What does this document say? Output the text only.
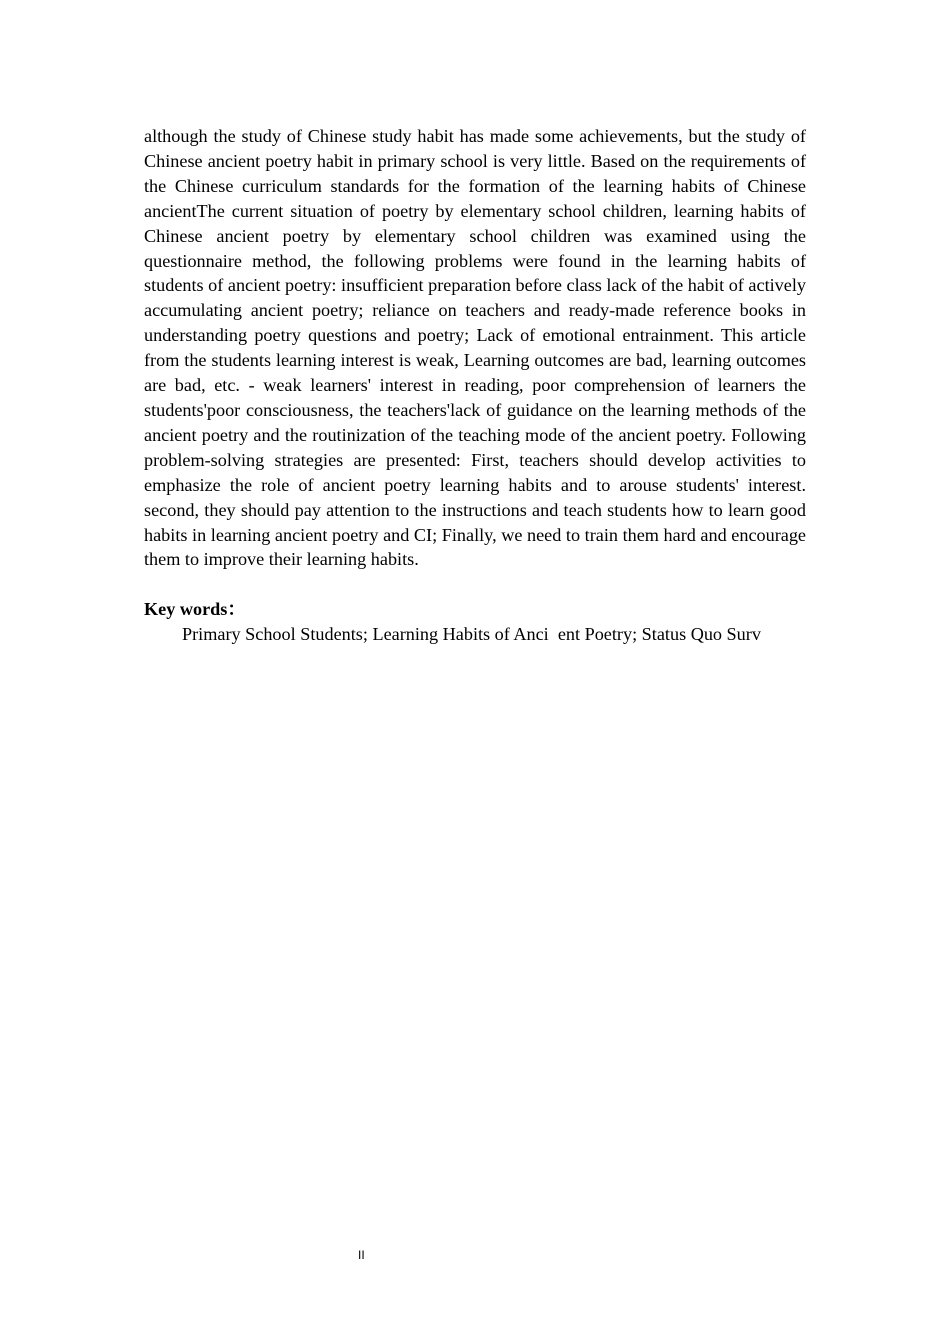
although the study of Chinese study habit has made some achievements, but the study of Chinese ancient poetry habit in primary school is very little. Based on the requirements of the Chinese curriculum standards for the formation of the learning habits of Chinese ancientThe current situation of poetry by elementary school children, learning habits of Chinese ancient poetry by elementary school children was examined using the questionnaire method, the following problems were found in the learning habits of students of ancient poetry: insufficient preparation before class lack of the habit of actively accumulating ancient poetry; reliance on teachers and ready-made reference books in understanding poetry questions and poetry; Lack of emotional entrainment. This article from the students learning interest is weak, Learning outcomes are bad, learning outcomes are bad, etc. - weak learners' interest in reading, poor comprehension of learners the students'poor consciousness, the teachers'lack of guidance on the learning methods of the ancient poetry and the routinization of the teaching mode of the ancient poetry. Following problem-solving strategies are presented: First, teachers should develop activities to emphasize the role of ancient poetry learning habits and to arouse students' interest. second, they should pay attention to the instructions and teach students how to learn good habits in learning ancient poetry and CI; Finally, we need to train them hard and encourage them to improve their learning habits.

Key words：

Primary School Students; Learning Habits of Anci  ent Poetry; Status Quo Surv

II
